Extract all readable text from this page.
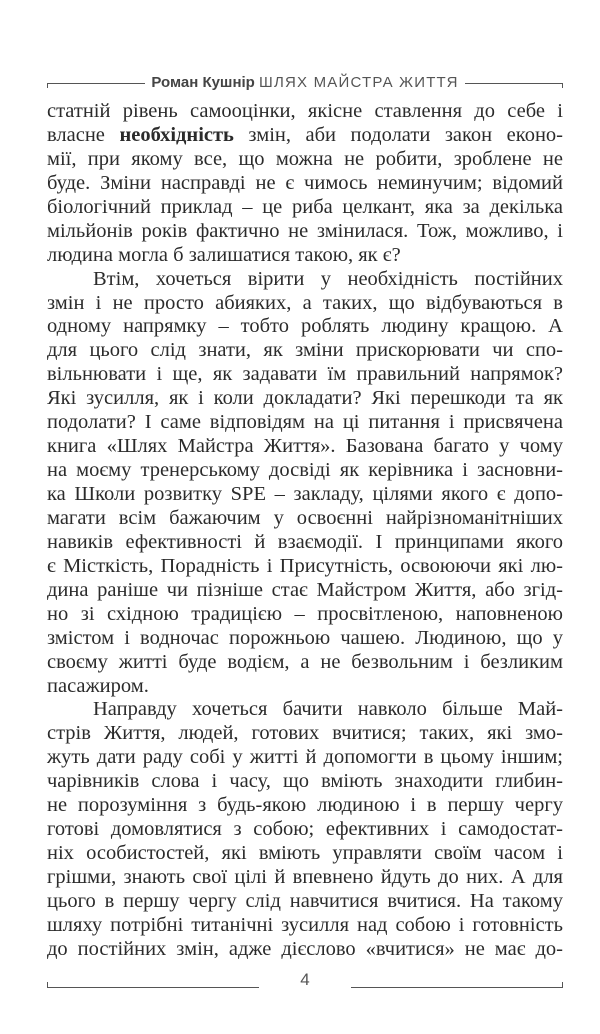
Роман Кушнір ШЛЯХ МАЙСТРА ЖИТТЯ
статній рівень самооцінки, якісне ставлення до себе і
власне необхідність змін, аби подолати закон еконо-
мії, при якому все, що можна не робити, зроблене не
буде. Зміни насправді не є чимось неминучим; відомий
біологічний приклад – це риба целкант, яка за декілька
мільйонів років фактично не змінилася. Тож, можливо, і
людина могла б залишатися такою, як є?
Втім, хочеться вірити у необхідність постійних
змін і не просто абияких, а таких, що відбуваються в
одному напрямку – тобто роблять людину кращою. А
для цього слід знати, як зміни прискорювати чи спо-
вільнювати і ще, як задавати їм правильний напрямок?
Які зусилля, як і коли докладати? Які перешкоди та як
подолати? І саме відповідям на ці питання і присвячена
книга «Шлях Майстра Життя». Базована багато у чому
на моєму тренерському досвіді як керівника і засновни-
ка Школи розвитку SPE – закладу, цілями якого є допо-
магати всім бажаючим у освоєнні найрізноманітніших
навиків ефективності й взаємодії. І принципами якого
є Місткість, Порадність і Присутність, освоюючи які лю-
дина раніше чи пізніше стає Майстром Життя, або згід-
но зі східною традицією – просвітленою, наповненою
змістом і водночас порожньою чашею. Людиною, що у
своєму житті буде водієм, а не безвольним і безликим
пасажиром.
Направду хочеться бачити навколо більше Май-
стрів Життя, людей, готових вчитися; таких, які змо-
жуть дати раду собі у житті й допомогти в цьому іншим;
чарівників слова і часу, що вміють знаходити глибин-
не порозуміння з будь-якою людиною і в першу чергу
готові домовлятися з собою; ефективних і самодостат-
ніх особистостей, які вміють управляти своїм часом і
грішми, знають свої цілі й впевнено йдуть до них. А для
цього в першу чергу слід навчитися вчитися. На такому
шляху потрібні титанічні зусилля над собою і готовність
до постійних змін, адже дієслово «вчитися» не має до-
4
